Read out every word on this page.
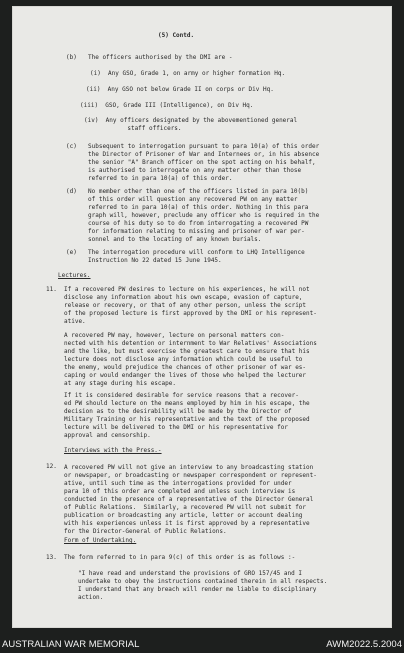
(5) Contd.
(b) The officers authorised by the DMI are -
(i)  Any GSO, Grade 1, on army or higher formation Hq.
(ii)  Any GSO not below Grade II on corps or Div Hq.
(iii)  GSO, Grade III (Intelligence), on Div Hq.
(iv)  Any officers designated by the abovementioned general
staff officers.
(c) Subsequent to interrogation pursuant to para 10(a) of this order
the Director of Prisoner of War and Internees or, in his absence
the senior "A" Branch officer on the spot acting on his behalf,
is authorised to interrogate on any matter other than those
referred to in para 10(a) of this order.
(d) No member other than one of the officers listed in para 10(b)
of this order will question any recovered PW on any matter
referred to in para 10(a) of this order. Nothing in this para
graph will, however, preclude any officer who is required in the
course of his duty so to do from interrogating a recovered PW
for information relating to missing and prisoner of war per-
sonnel and to the locating of any known burials.
(e) The interrogation procedure will conform to LHQ Intelligence
Instruction No 22 dated 15 June 1945.
Lectures.
11. If a recovered PW desires to lecture on his experiences, he will not
disclose any information about his own escape, evasion of capture,
release or recovery, or that of any other person, unless the script
of the proposed lecture is first approved by the DMI or his represent-
ative.
A recovered PW may, however, lecture on personal matters con-
nected with his detention or internment to War Relatives' Associations
and the like, but must exercise the greatest care to ensure that his
lecture does not disclose any information which could be useful to
the enemy, would prejudice the chances of other prisoner of war es-
caping or would endanger the lives of those who helped the lecturer
at any stage during his escape.
If it is considered desirable for service reasons that a recover-
ed PW should lecture on the means employed by him in his escape, the
decision as to the desirability will be made by the Director of
Military Training or his representative and the text of the proposed
lecture will be delivered to the DMI or his representative for
approval and censorship.
Interviews with the Press.-
12. A recovered PW will not give an interview to any broadcasting station
or newspaper, or broadcasting or newspaper correspondent or represent-
ative, until such time as the interrogations provided for under
para 10 of this order are completed and unless such interview is
conducted in the presence of a representative of the Director General
of Public Relations.  Similarly, a recovered PW will not submit for
publication or broadcasting any article, letter or account dealing
with his experiences unless it is first approved by a representative
for the Director-General of Public Relations.
Form of Undertaking.
13. The form referred to in para 9(c) of this order is as follows :-
"I have read and understand the provisions of GRO 157/45 and I
undertake to obey the instructions contained therein in all respects.
I understand that any breach will render me liable to disciplinary
action.
AUSTRALIAN WAR MEMORIAL	AWM2022.5.2004
